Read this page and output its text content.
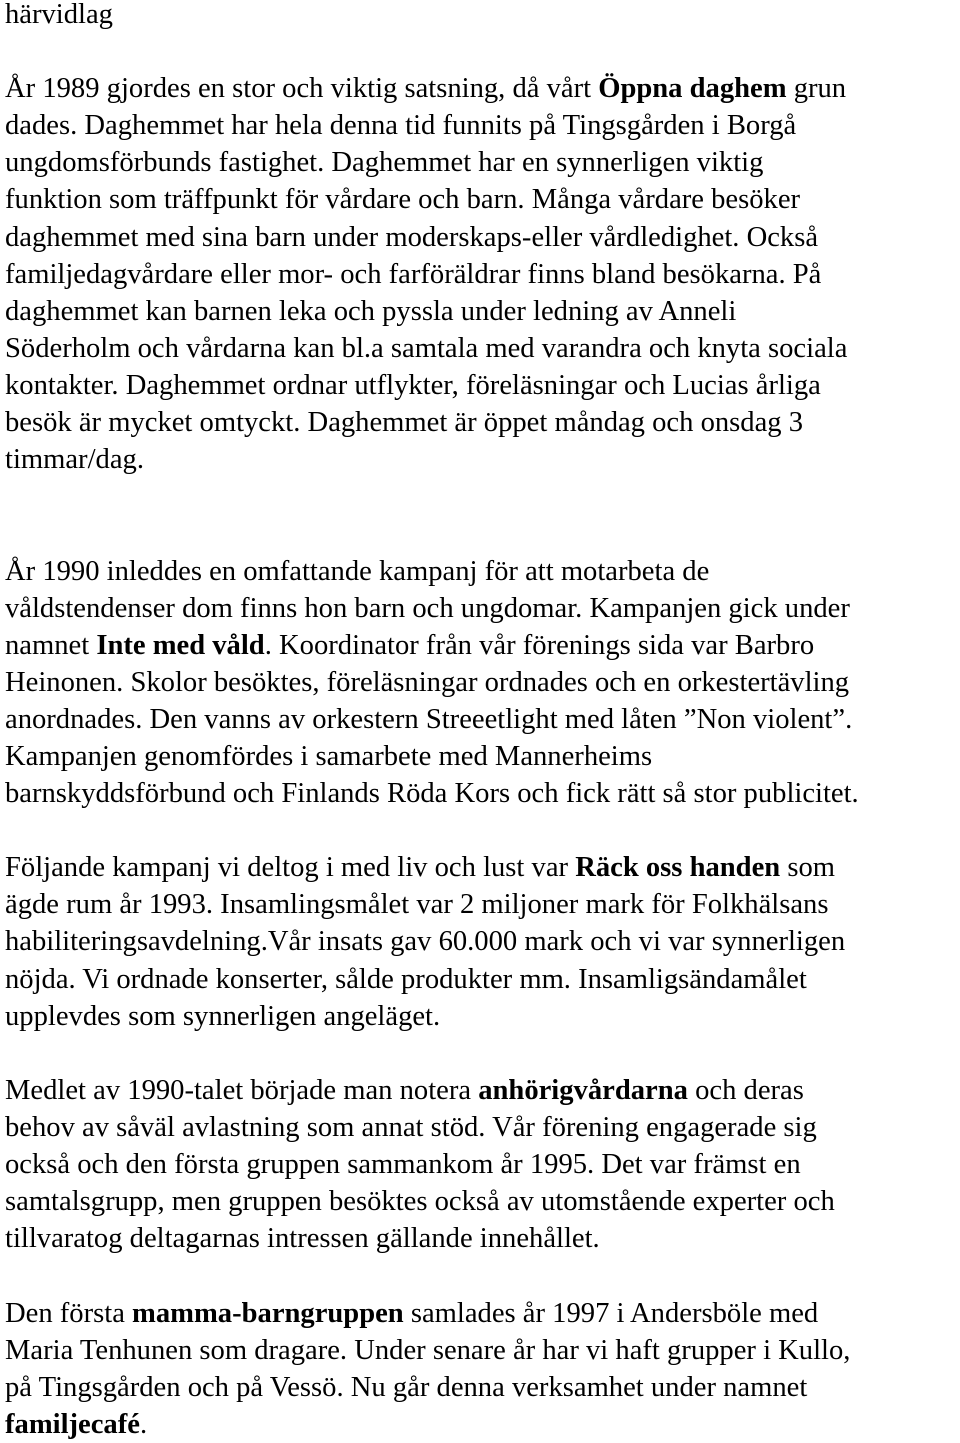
härvidlag
År 1989 gjordes en stor och viktig satsning, då vårt Öppna daghem grun
dades. Daghemmet har hela denna tid funnits på Tingsgården i Borgå
ungdomsförbunds fastighet. Daghemmet har en synnerligen viktig
funktion som träffpunkt för vårdare och barn. Många vårdare besöker
daghemmet med sina barn under moderskaps-eller vårdledighet. Också
familjedagvårdare eller mor- och farföräldrar finns bland besökarna. På
daghemmet kan barnen leka och pyssla under ledning av Anneli
Söderholm och vårdarna kan bl.a samtala med varandra och knyta sociala
kontakter. Daghemmet ordnar utflykter, föreläsningar och Lucias årliga
besök är mycket omtyckt. Daghemmet är öppet måndag och onsdag 3
timmar/dag.
År 1990 inleddes en omfattande kampanj för att motarbeta de
våldstendenser dom finns hon barn och ungdomar. Kampanjen gick under
namnet Inte med våld. Koordinator från vår förenings sida var Barbro
Heinonen. Skolor besöktes, föreläsningar ordnades och en orkestertävling
anordnades. Den vanns av orkestern Streeetlight med låten ”Non violent”.
Kampanjen genomfördes i samarbete med Mannerheims
barnskyddsförbund och Finlands Röda Kors och fick rätt så stor publicitet.
Följande kampanj vi deltog i med liv och lust var Räck oss handen som
ägde rum år 1993. Insamlingsmålet var 2 miljoner mark för Folkhälsans
habiliteringsavdelning.Vår insats gav 60.000 mark och vi var synnerligen
nöjda. Vi ordnade konserter, sålde produkter mm. Insamligsändamålet
upplevdes som synnerligen angeläget.
Medlet av 1990-talet började man notera anhörigvårdarna och deras
behov av såväl avlastning som annat stöd. Vår förening engagerade sig
också och den första gruppen sammankom år 1995. Det var främst en
samtalsgrupp, men gruppen besöktes också av utomstående experter och
tillvaratog deltagarnas intressen gällande innehållet.
Den första mamma-barngruppen samlades år 1997 i Andersböle med
Maria Tenhunen som dragare. Under senare år har vi haft grupper i Kullo,
på Tingsgården och på Vessö. Nu går denna verksamhet under namnet
familjecafé.
